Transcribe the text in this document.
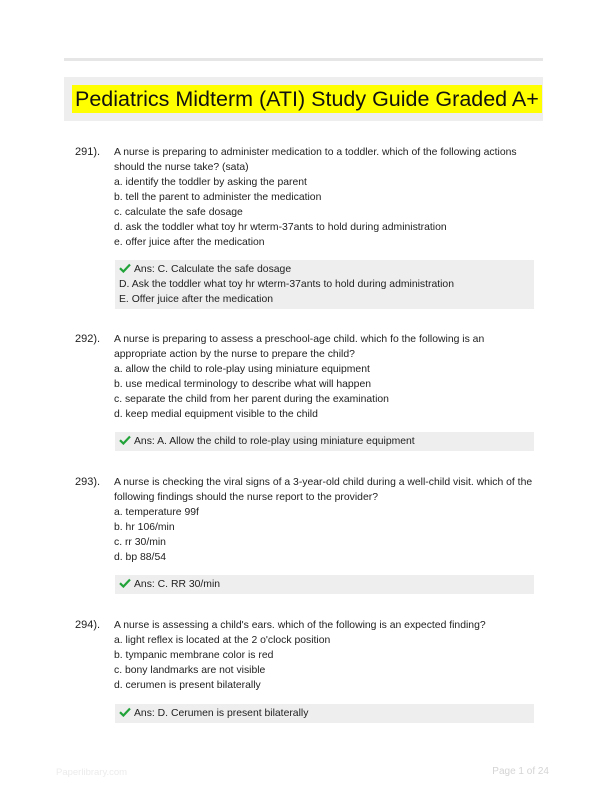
Pediatrics Midterm (ATI) Study Guide Graded A+
291). A nurse is preparing to administer medication to a toddler. which of the following actions should the nurse take? (sata)

a. identify the toddler by asking the parent

b. tell the parent to administer the medication

c. calculate the safe dosage

d. ask the toddler what toy hr wterm-37ants to hold during administration

e. offer juice after the medication

Ans: C. Calculate the safe dosage

D. Ask the toddler what toy hr wterm-37ants to hold during administration

E. Offer juice after the medication

292). A nurse is preparing to assess a preschool-age child. which fo the following is an appropriate action by the nurse to prepare the child?

a. allow the child to role-play using miniature equipment

b. use medical terminology to describe what will happen

c. separate the child from her parent during the examination

d. keep medial equipment visible to the child

Ans: A. Allow the child to role-play using miniature equipment

293). A nurse is checking the viral signs of a 3-year-old child during a well-child visit. which of the following findings should the nurse report to the provider?

a. temperature 99f

b. hr 106/min

c. rr 30/min

d. bp 88/54

Ans: C. RR 30/min

294). A nurse is assessing a child's ears. which of the following is an expected finding?

a. light reflex is located at the 2 o'clock position

b. tympanic membrane color is red

c. bony landmarks are not visible

d. cerumen is present bilaterally

Ans: D. Cerumen is present bilaterally

Paperlibrary.com	Page 1 of 24
